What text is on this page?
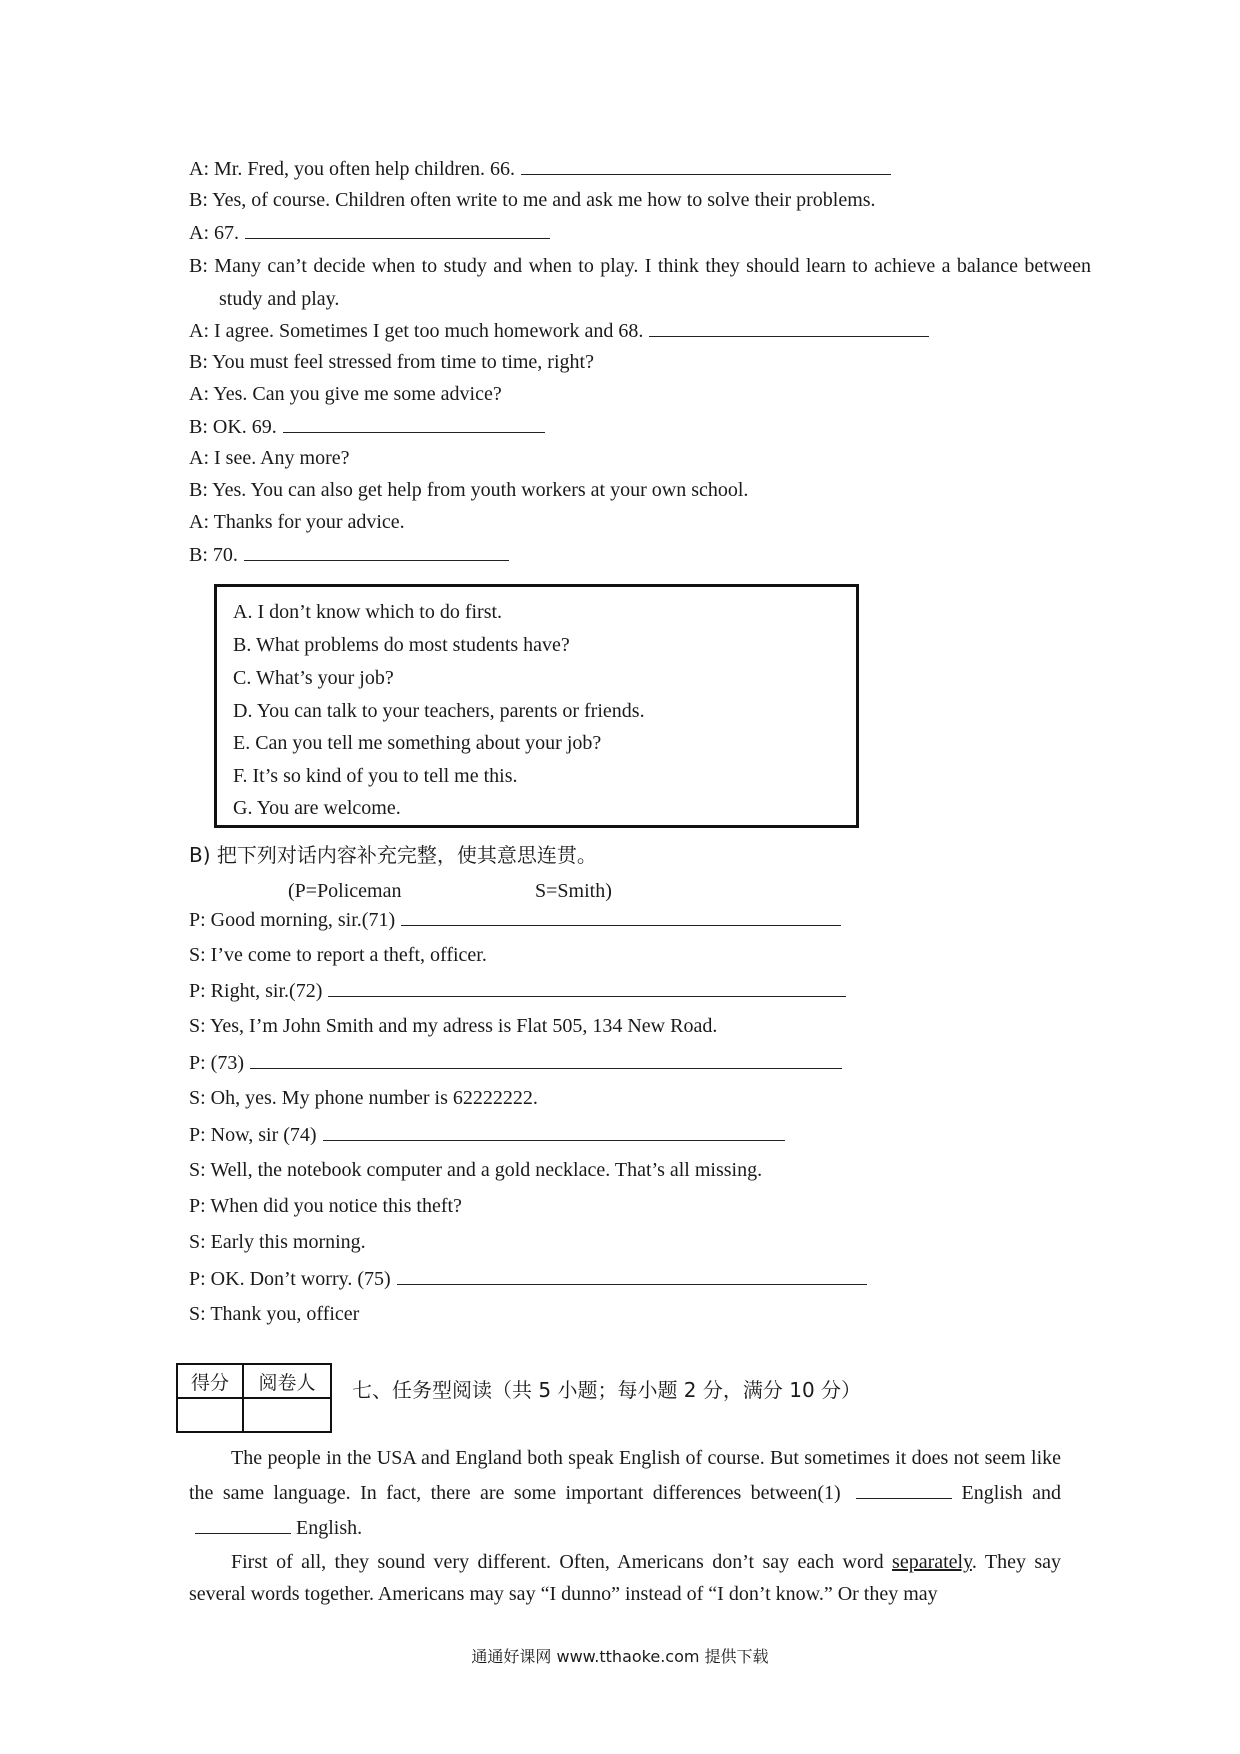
A: Mr. Fred, you often help children. 66.
B: Yes, of course. Children often write to me and ask me how to solve their problems.
A: 67.
B: Many can’t decide when to study and when to play. I think they should learn to achieve a balance between study and play.
A: I agree. Sometimes I get too much homework and 68.
B: You must feel stressed from time to time, right?
A: Yes. Can you give me some advice?
B: OK. 69.
A: I see. Any more?
B: Yes. You can also get help from youth workers at your own school.
A: Thanks for your advice.
B: 70.
A. I don’t know which to do first.
B. What problems do most students have?
C. What’s your job?
D. You can talk to your teachers, parents or friends.
E. Can you tell me something about your job?
F. It’s so kind of you to tell me this.
G. You are welcome.
B) 把下列对话内容补充完整，使其意思连贯。
(P=Policeman	S=Smith)
P: Good morning, sir.(71)
S: I’ve come to report a theft, officer.
P: Right, sir.(72)
S: Yes, I’m John Smith and my adress is Flat 505, 134 New Road.
P: (73)
S: Oh, yes. My phone number is 62222222.
P: Now, sir (74)
S: Well, the notebook computer and a gold necklace. That’s all missing.
P: When did you notice this theft?
S: Early this morning.
P: OK. Don’t worry. (75)
S: Thank you, officer
得分	阅卷人
	七、任务型阅读（共 5 小题；每小题 2 分，满分 10 分）
The people in the USA and England both speak English of course. But sometimes it does not seem like the same language. In fact, there are some important differences between(1)	English and  English.
First of all, they sound very different. Often, Americans don’t say each word separately. They say several words together. Americans may say “I dunno” instead of “I don’t know.” Or they may
通通好课网 www.tthaoke.com 提供下载
